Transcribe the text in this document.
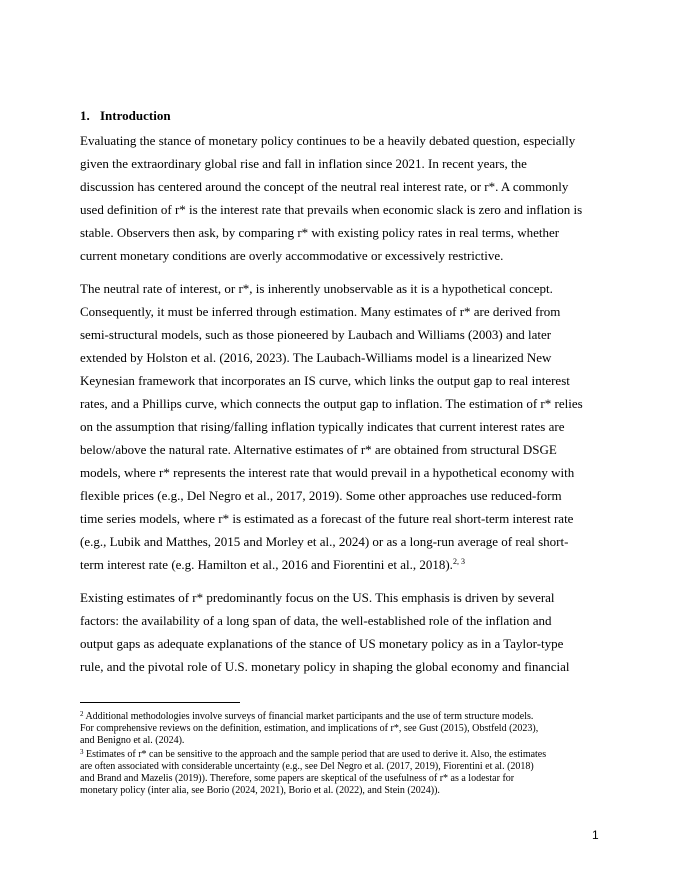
1. Introduction
Evaluating the stance of monetary policy continues to be a heavily debated question, especially
given the extraordinary global rise and fall in inflation since 2021. In recent years, the
discussion has centered around the concept of the neutral real interest rate, or r*. A commonly
used definition of r* is the interest rate that prevails when economic slack is zero and inflation is
stable. Observers then ask, by comparing r* with existing policy rates in real terms, whether
current monetary conditions are overly accommodative or excessively restrictive.
The neutral rate of interest, or r*, is inherently unobservable as it is a hypothetical concept.
Consequently, it must be inferred through estimation. Many estimates of r* are derived from
semi-structural models, such as those pioneered by Laubach and Williams (2003) and later
extended by Holston et al. (2016, 2023). The Laubach-Williams model is a linearized New
Keynesian framework that incorporates an IS curve, which links the output gap to real interest
rates, and a Phillips curve, which connects the output gap to inflation. The estimation of r* relies
on the assumption that rising/falling inflation typically indicates that current interest rates are
below/above the natural rate. Alternative estimates of r* are obtained from structural DSGE
models, where r* represents the interest rate that would prevail in a hypothetical economy with
flexible prices (e.g., Del Negro et al., 2017, 2019). Some other approaches use reduced-form
time series models, where r* is estimated as a forecast of the future real short-term interest rate
(e.g., Lubik and Matthes, 2015 and Morley et al., 2024) or as a long-run average of real short-
term interest rate (e.g. Hamilton et al., 2016 and Fiorentini et al., 2018).$^{2, 3}$
Existing estimates of r* predominantly focus on the US. This emphasis is driven by several
factors: the availability of a long span of data, the well-established role of the inflation and
output gaps as adequate explanations of the stance of US monetary policy as in a Taylor-type
rule, and the pivotal role of U.S. monetary policy in shaping the global economy and financial
$^2$ Additional methodologies involve surveys of financial market participants and the use of term structure models.
For comprehensive reviews on the definition, estimation, and implications of r*, see Gust (2015), Obstfeld (2023),
and Benigno et al. (2024).
$^3$ Estimates of r* can be sensitive to the approach and the sample period that are used to derive it. Also, the estimates
are often associated with considerable uncertainty (e.g., see Del Negro et al. (2017, 2019), Fiorentini et al. (2018)
and Brand and Mazelis (2019)). Therefore, some papers are skeptical of the usefulness of r* as a lodestar for
monetary policy (inter alia, see Borio (2024, 2021), Borio et al. (2022), and Stein (2024)).
1
